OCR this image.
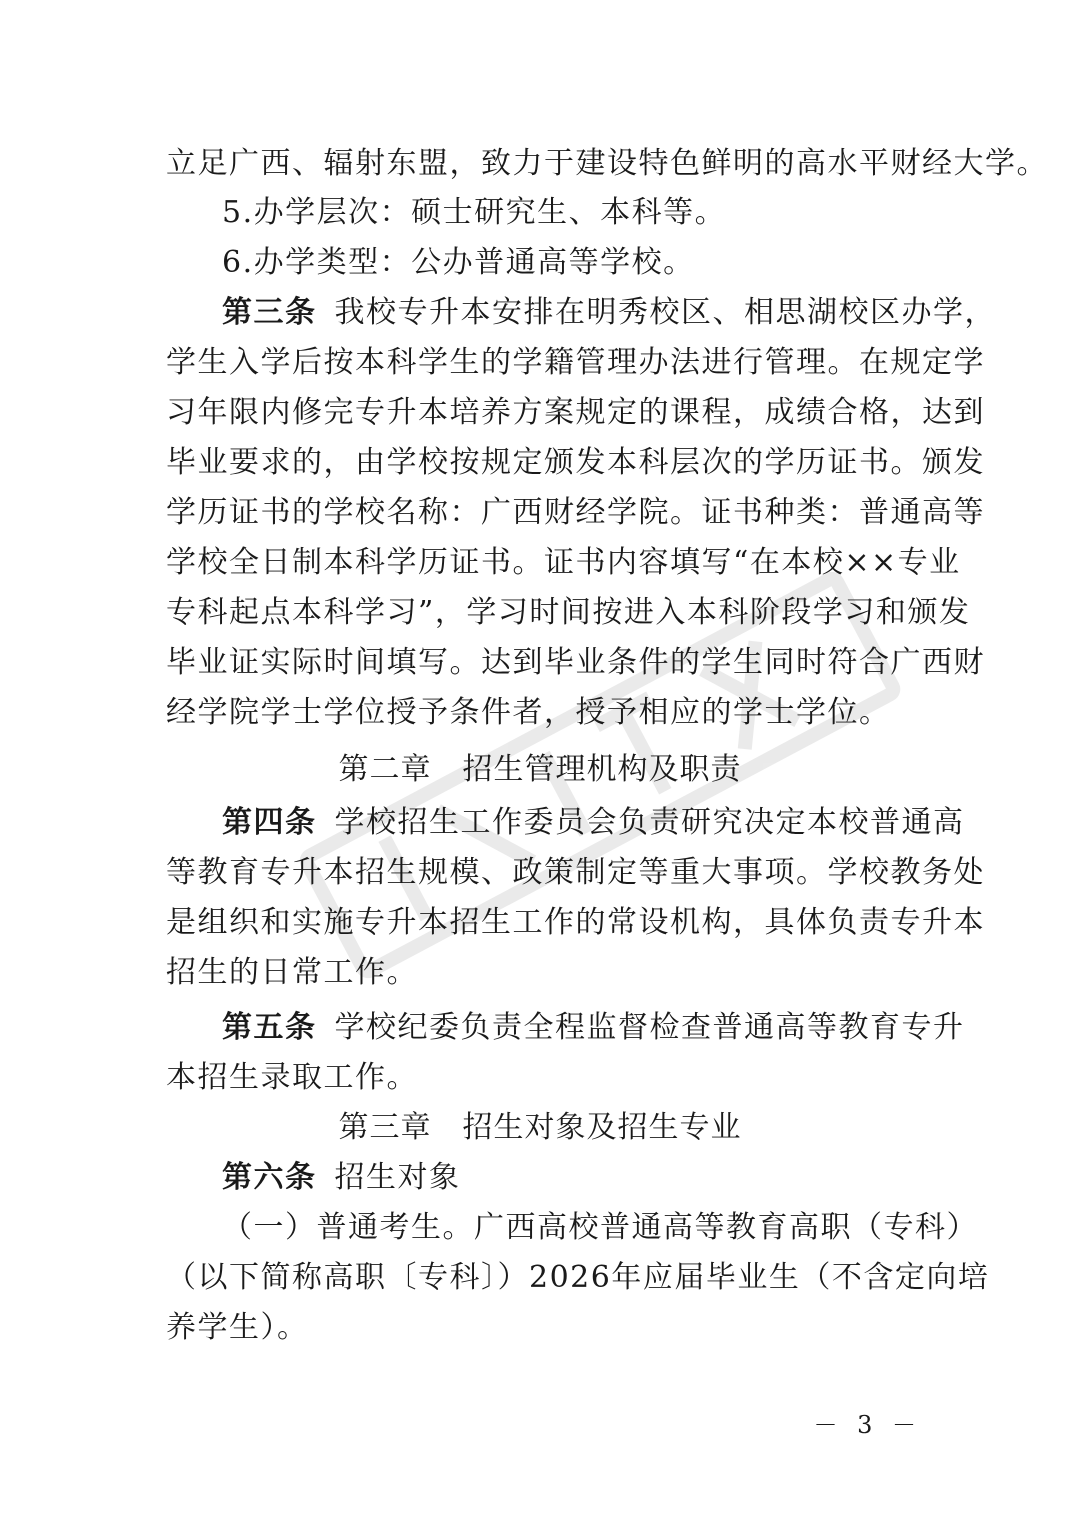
立足广西、辐射东盟，致力于建设特色鲜明的高水平财经大学。
5.办学层次：硕士研究生、本科等。
6.办学类型：公办普通高等学校。
第三条 我校专升本安排在明秀校区、相思湖校区办学，
学生入学后按本科学生的学籍管理办法进行管理。在规定学
习年限内修完专升本培养方案规定的课程，成绩合格，达到
毕业要求的，由学校按规定颁发本科层次的学历证书。颁发
学历证书的学校名称：广西财经学院。证书种类：普通高等
学校全日制本科学历证书。证书内容填写“在本校××专业
专科起点本科学习”，学习时间按进入本科阶段学习和颁发
毕业证实际时间填写。达到毕业条件的学生同时符合广西财
经学院学士学位授予条件者，授予相应的学士学位。
第二章　招生管理机构及职责
第四条 学校招生工作委员会负责研究决定本校普通高
等教育专升本招生规模、政策制定等重大事项。学校教务处
是组织和实施专升本招生工作的常设机构，具体负责专升本
招生的日常工作。
第五条 学校纪委负责全程监督检查普通高等教育专升
本招生录取工作。
第三章　招生对象及招生专业
第六条 招生对象
（一）普通考生。广西高校普通高等教育高职（专科）
（以下简称高职〔专科〕）2026年应届毕业生（不含定向培
养学生）。
－ 3 －
